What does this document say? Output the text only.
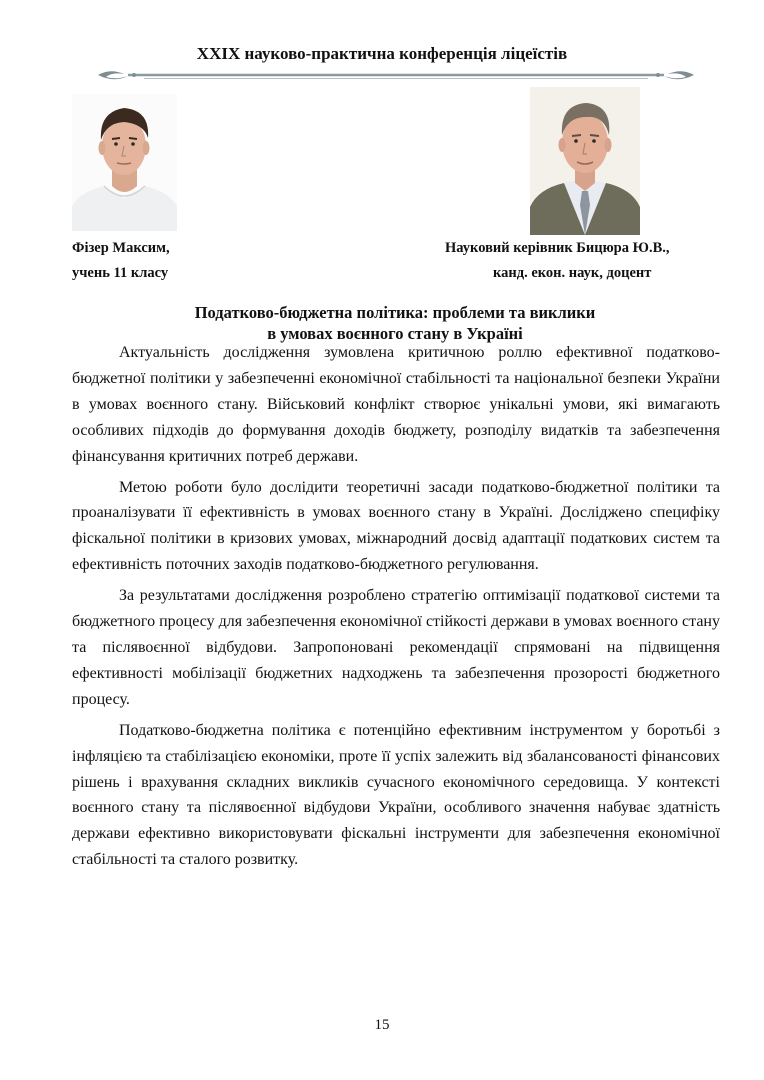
XXIX науково-практична конференція ліцеїстів
Фізер Максим,
учень 11 класу
Науковий керівник Бицюра Ю.В.,
канд. екон. наук, доцент
Податково-бюджетна політика: проблеми та виклики
в умовах воєнного стану в Україні

Актуальність дослідження зумовлена критичною роллю ефективної податково-бюджетної політики у забезпеченні економічної стабільності та національної безпеки України в умовах воєнного стану. Військовий конфлікт створює унікальні умови, які вимагають особливих підходів до формування доходів бюджету, розподілу видатків та забезпечення фінансування критичних потреб держави.

Метою роботи було дослідити теоретичні засади податково-бюджетної політики та проаналізувати її ефективність в умовах воєнного стану в Україні. Досліджено специфіку фіскальної політики в кризових умовах, міжнародний досвід адаптації податкових систем та ефективність поточних заходів податково-бюджетного регулювання.

За результатами дослідження розроблено стратегію оптимізації податкової системи та бюджетного процесу для забезпечення економічної стійкості держави в умовах воєнного стану та післявоєнної відбудови. Запропоновані рекомендації спрямовані на підвищення ефективності мобілізації бюджетних надходжень та забезпечення прозорості бюджетного процесу.

Податково-бюджетна політика є потенційно ефективним інструментом у боротьбі з інфляцією та стабілізацією економіки, проте її успіх залежить від збалансованості фінансових рішень і врахування складних викликів сучасного економічного середовища. У контексті воєнного стану та післявоєнної відбудови України, особливого значення набуває здатність держави ефективно використовувати фіскальні інструменти для забезпечення економічної стабільності та сталого розвитку.

15
